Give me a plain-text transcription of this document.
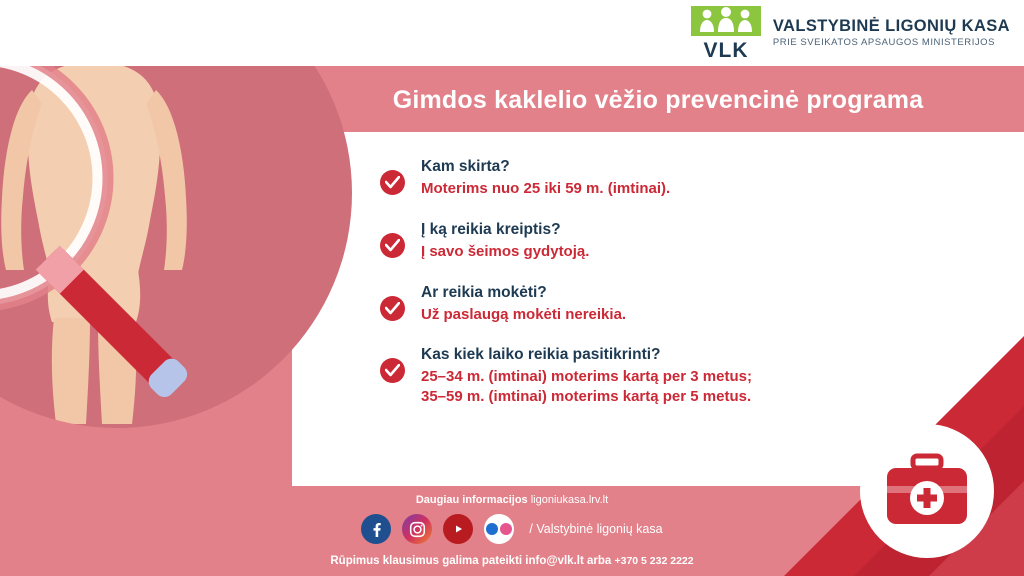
Gimdos kaklelio vėžio prevencinė programa
Kam skirta?
Moterims nuo 25 iki 59 m. (imtinai).
Į ką reikia kreiptis?
Į savo šeimos gydytoją.
Ar reikia mokėti?
Už paslaugą mokėti nereikia.
Kas kiek laiko reikia pasitikrinti?
25–34 m. (imtinai) moterims kartą per 3 metus;
35–59 m. (imtinai) moterims kartą per 5 metus.
Daugiau informacijos ligoniukasa.lrv.lt
/ Valstybinė ligonių kasa
Rūpimus klausimus galima pateikti info@vlk.lt arba +370 5 232 2222
VLK
VALSTYBINĖ LIGONIŲ KASA
PRIE SVEIKATOS APSAUGOS MINISTERIJOS
